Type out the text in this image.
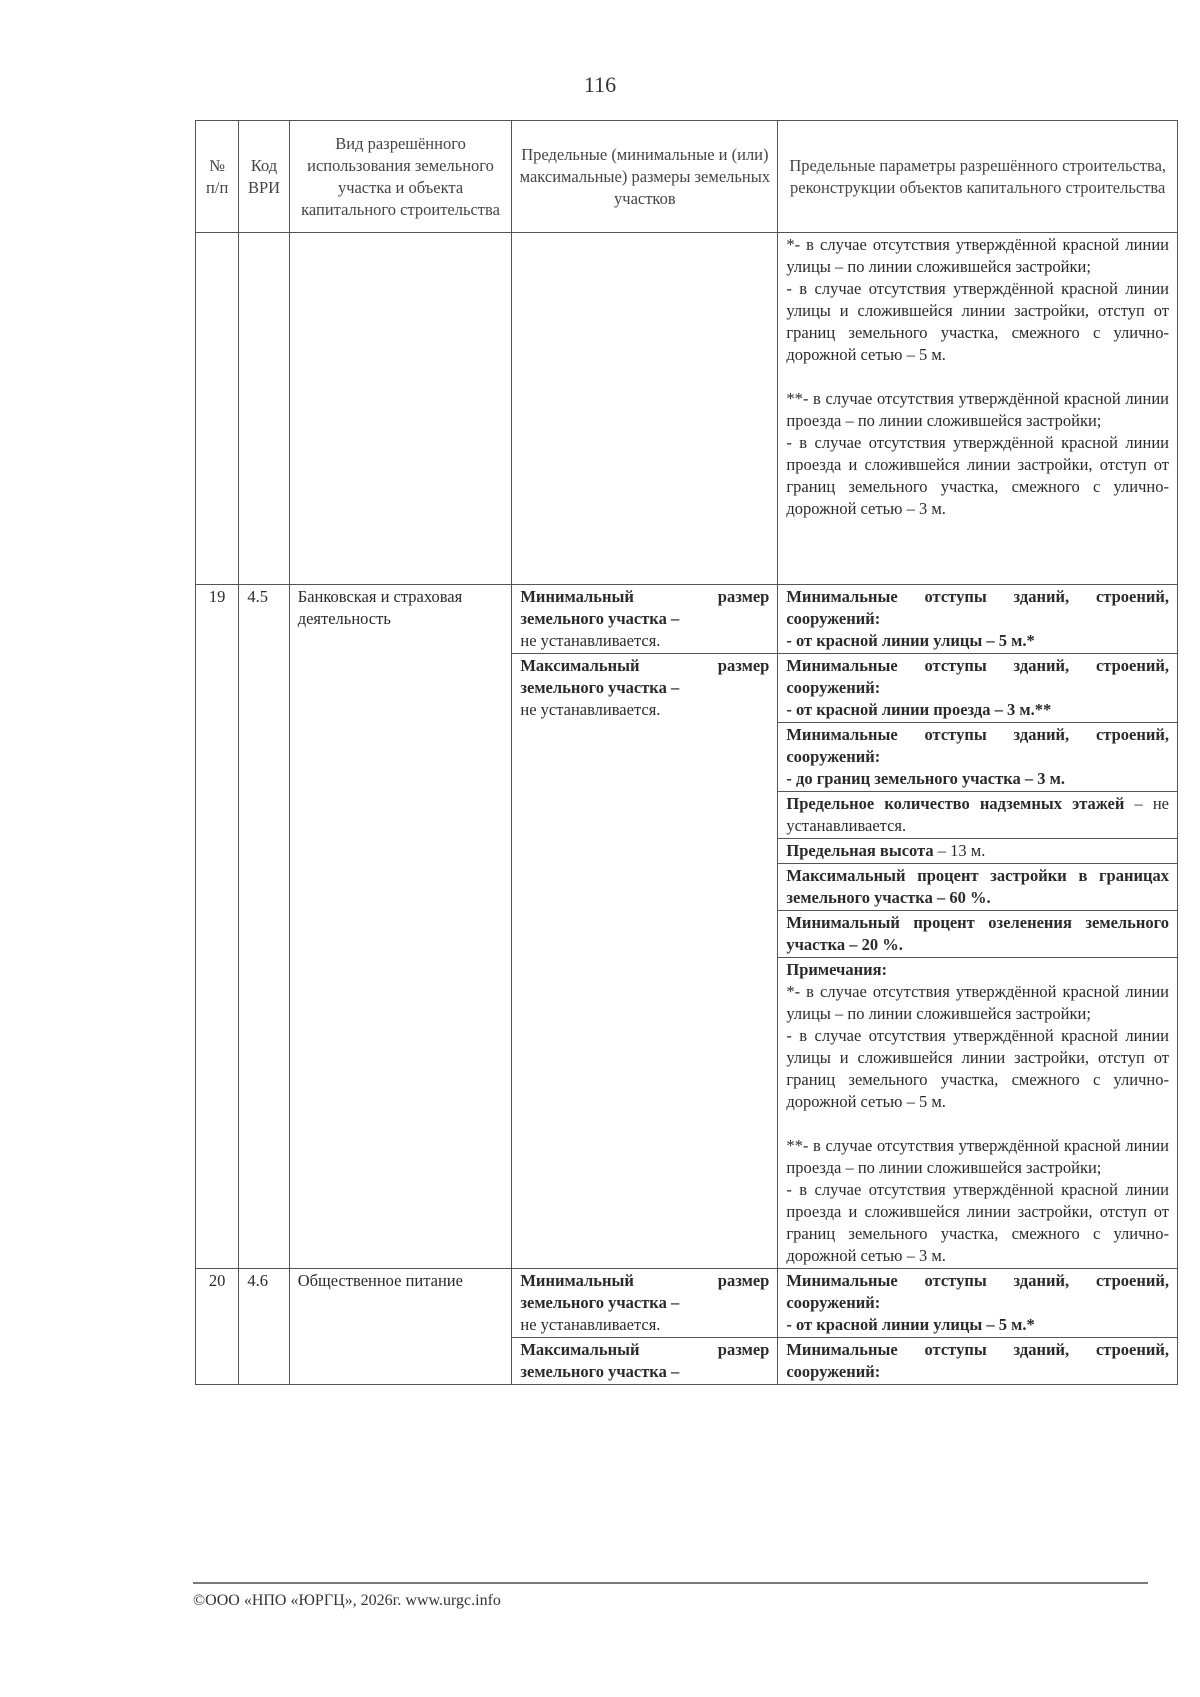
116
№ п/п	Код ВРИ	Вид разрешённого использования земельного участка и объекта капитального строительства	Предельные (минимальные и (или) максимальные) размеры земельных участков	Предельные параметры разрешённого строительства, реконструкции объектов капитального строительства

				*- в случае отсутствия утверждённой красной линии улицы – по линии сложившейся застройки;
- в случае отсутствия утверждённой красной линии улицы и сложившейся линии застройки, отступ от границ земельного участка, смежного с улично-дорожной сетью – 5 м.
**- в случае отсутствия утверждённой красной линии проезда – по линии сложившейся застройки;
- в случае отсутствия утверждённой красной линии проезда и сложившейся линии застройки, отступ от границ земельного участка, смежного с улично-дорожной сетью – 3 м.

19	4.5	Банковская и страховая деятельность	Минимальный размер земельного участка –
не устанавливается.	Минимальные отступы зданий, строений, сооружений:
- от красной линии улицы – 5 м.*

			Максимальный размер земельного участка –
не устанавливается.	Минимальные отступы зданий, строений, сооружений:
- от красной линии проезда – 3 м.**

				Минимальные отступы зданий, строений, сооружений:
- до границ земельного участка – 3 м.

				Предельное количество надземных этажей – не устанавливается.
				Предельная высота – 13 м.
				Максимальный процент застройки в границах земельного участка – 60 %.
				Минимальный процент озеленения земельного участка – 20 %.

				Примечания:
*- в случае отсутствия утверждённой красной линии улицы – по линии сложившейся застройки;
- в случае отсутствия утверждённой красной линии улицы и сложившейся линии застройки, отступ от границ земельного участка, смежного с улично-дорожной сетью – 5 м.
**- в случае отсутствия утверждённой красной линии проезда – по линии сложившейся застройки;
- в случае отсутствия утверждённой красной линии проезда и сложившейся линии застройки, отступ от границ земельного участка, смежного с улично-дорожной сетью – 3 м.

20	4.6	Общественное питание	Минимальный размер земельного участка –
не устанавливается.	Минимальные отступы зданий, строений, сооружений:
- от красной линии улицы – 5 м.*

			Максимальный размер земельного участка –	Минимальные отступы зданий, строений, сооружений:
©ООО «НПО «ЮРГЦ», 2026г. www.urgc.info
